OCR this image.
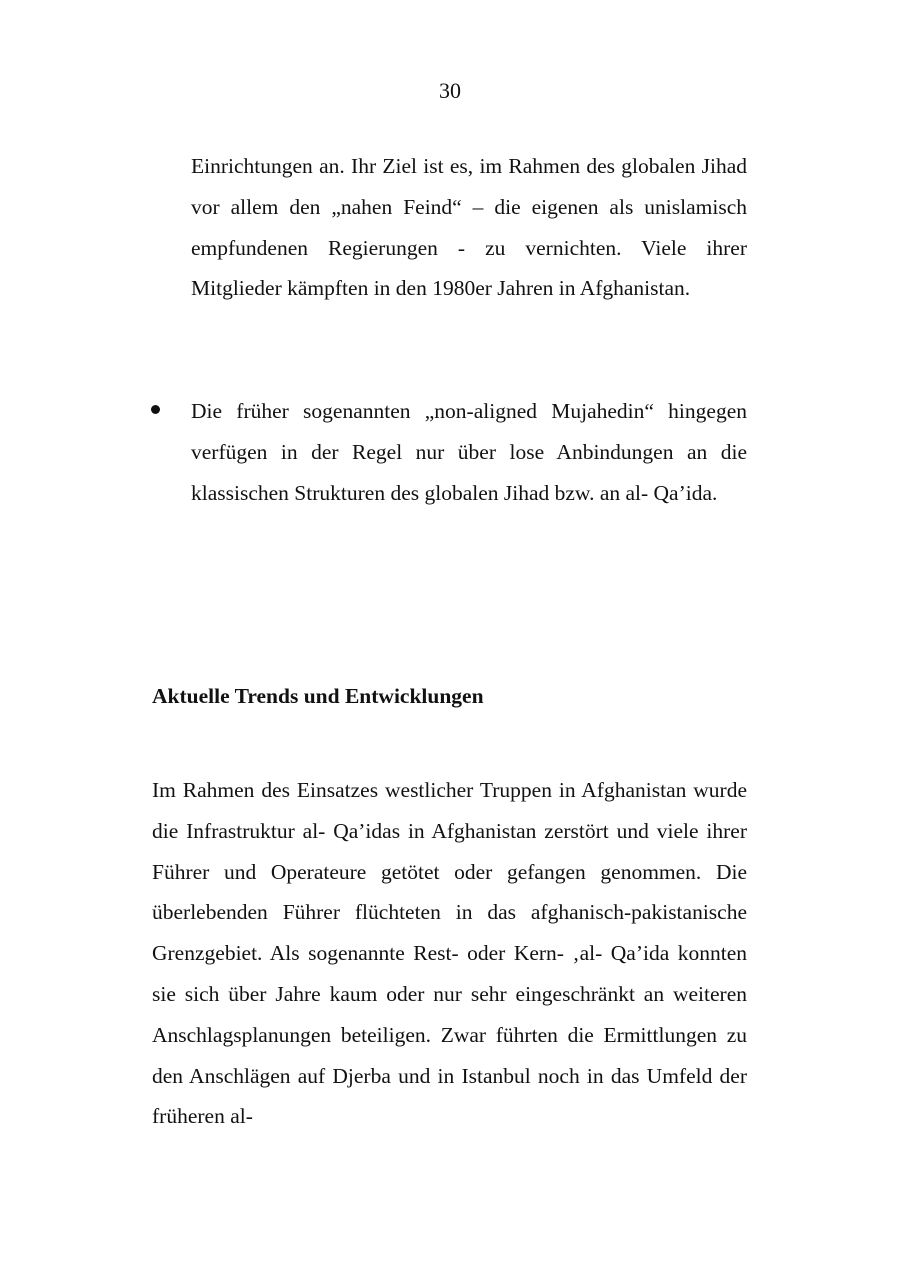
30

Einrichtungen an. Ihr Ziel ist es, im Rahmen des globalen Jihad vor allem den „nahen Feind“ – die eigenen als unislamisch empfundenen Regierungen - zu vernichten. Viele ihrer Mitglieder kämpften in den 1980er Jahren in Afghanistan.

Die früher sogenannten „non-aligned Mujahedin“ hingegen verfügen in der Regel nur über lose Anbindungen an die klassischen Strukturen des globalen Jihad bzw. an al- Qa’ida.

Aktuelle Trends und Entwicklungen

Im Rahmen des Einsatzes westlicher Truppen in Afghanistan wurde die Infrastruktur al- Qa’idas in Afghanistan zerstört und viele ihrer Führer und Operateure getötet oder gefangen genommen. Die überlebenden Führer flüchteten in das afghanisch-pakistanische Grenzgebiet. Als sogenannte Rest- oder Kern- ‚al- Qa’ida konnten sie sich über Jahre kaum oder nur sehr eingeschränkt an weiteren Anschlagsplanungen beteiligen. Zwar führten die Ermittlungen zu den Anschlägen auf Djerba und in Istanbul noch in das Umfeld der früheren al-
